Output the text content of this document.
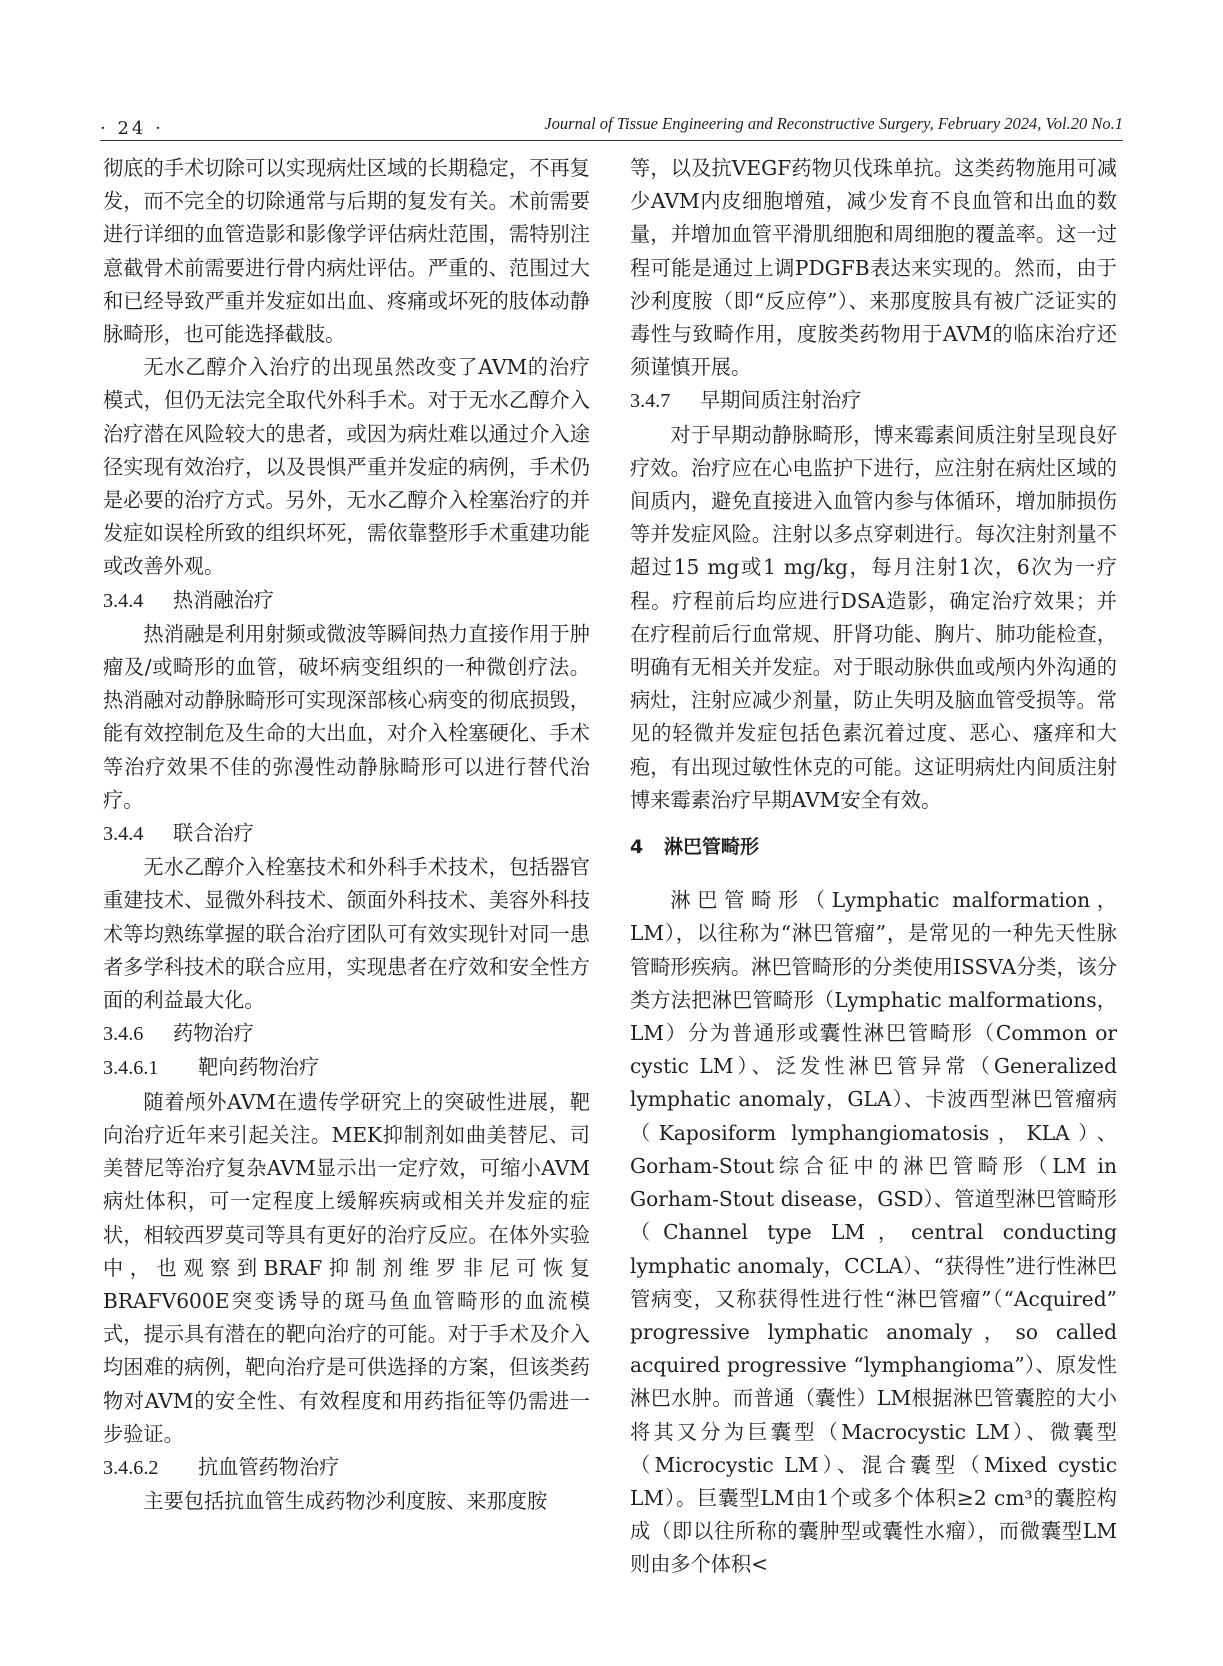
· 24 ·	Journal of Tissue Engineering and Reconstructive Surgery, February 2024, Vol.20 No.1

彻底的手术切除可以实现病灶区域的长期稳定，不再复发，而不完全的切除通常与后期的复发有关。术前需要进行详细的血管造影和影像学评估病灶范围，需特别注意截骨术前需要进行骨内病灶评估。严重的、范围过大和已经导致严重并发症如出血、疼痛或坏死的肢体动静脉畸形，也可能选择截肢。

无水乙醇介入治疗的出现虽然改变了AVM的治疗模式，但仍无法完全取代外科手术。对于无水乙醇介入治疗潜在风险较大的患者，或因为病灶难以通过介入途径实现有效治疗，以及畏惧严重并发症的病例，手术仍是必要的治疗方式。另外，无水乙醇介入栓塞治疗的并发症如误栓所致的组织坏死，需依靠整形手术重建功能或改善外观。

3.4.4 热消融治疗

热消融是利用射频或微波等瞬间热力直接作用于肿瘤及/或畸形的血管，破坏病变组织的一种微创疗法。热消融对动静脉畸形可实现深部核心病变的彻底损毁，能有效控制危及生命的大出血，对介入栓塞硬化、手术等治疗效果不佳的弥漫性动静脉畸形可以进行替代治疗。

3.4.4 联合治疗

无水乙醇介入栓塞技术和外科手术技术，包括器官重建技术、显微外科技术、颌面外科技术、美容外科技术等均熟练掌握的联合治疗团队可有效实现针对同一患者多学科技术的联合应用，实现患者在疗效和安全性方面的利益最大化。

3.4.6 药物治疗

3.4.6.1 靶向药物治疗

随着颅外AVM在遗传学研究上的突破性进展，靶向治疗近年来引起关注。MEK抑制剂如曲美替尼、司美替尼等治疗复杂AVM显示出一定疗效，可缩小AVM病灶体积，可一定程度上缓解疾病或相关并发症的症状，相较西罗莫司等具有更好的治疗反应。在体外实验中，也观察到BRAF抑制剂维罗非尼可恢复BRAFV600E突变诱导的斑马鱼血管畸形的血流模式，提示具有潜在的靶向治疗的可能。对于手术及介入均困难的病例，靶向治疗是可供选择的方案，但该类药物对AVM的安全性、有效程度和用药指征等仍需进一步验证。

3.4.6.2 抗血管药物治疗

主要包括抗血管生成药物沙利度胺、来那度胺

等，以及抗VEGF药物贝伐珠单抗。这类药物施用可减少AVM内皮细胞增殖，减少发育不良血管和出血的数量，并增加血管平滑肌细胞和周细胞的覆盖率。这一过程可能是通过上调PDGFB表达来实现的。然而，由于沙利度胺（即“反应停”）、来那度胺具有被广泛证实的毒性与致畸作用，度胺类药物用于AVM的临床治疗还须谨慎开展。

3.4.7 早期间质注射治疗

对于早期动静脉畸形，博来霉素间质注射呈现良好疗效。治疗应在心电监护下进行，应注射在病灶区域的间质内，避免直接进入血管内参与体循环，增加肺损伤等并发症风险。注射以多点穿刺进行。每次注射剂量不超过15 mg或1 mg/kg，每月注射1次，6次为一疗程。疗程前后均应进行DSA造影，确定治疗效果；并在疗程前后行血常规、肝肾功能、胸片、肺功能检查，明确有无相关并发症。对于眼动脉供血或颅内外沟通的病灶，注射应减少剂量，防止失明及脑血管受损等。常见的轻微并发症包括色素沉着过度、恶心、瘙痒和大疱，有出现过敏性休克的可能。这证明病灶内间质注射博来霉素治疗早期AVM安全有效。

4 淋巴管畸形

淋巴管畸形（Lymphatic malformation，LM），以往称为“淋巴管瘤”，是常见的一种先天性脉管畸形疾病。淋巴管畸形的分类使用ISSVA分类，该分类方法把淋巴管畸形（Lymphatic malformations，LM）分为普通形或囊性淋巴管畸形（Common or cystic LM）、泛发性淋巴管异常（Generalized lymphatic anomaly，GLA）、卡波西型淋巴管瘤病（Kaposiform lymphangiomatosis，KLA）、Gorham-Stout综合征中的淋巴管畸形（LM in Gorham-Stout disease，GSD）、管道型淋巴管畸形（Channel type LM，central conducting lymphatic anomaly，CCLA）、“获得性”进行性淋巴管病变，又称获得性进行性“淋巴管瘤”（“Acquired” progressive lymphatic anomaly，so called acquired progressive “lymphangioma”）、原发性淋巴水肿。而普通（囊性）LM根据淋巴管囊腔的大小将其又分为巨囊型（Macrocystic LM）、微囊型（Microcystic LM）、混合囊型（Mixed cystic LM）。巨囊型LM由1个或多个体积≥2 cm³的囊腔构成（即以往所称的囊肿型或囊性水瘤），而微囊型LM则由多个体积<
